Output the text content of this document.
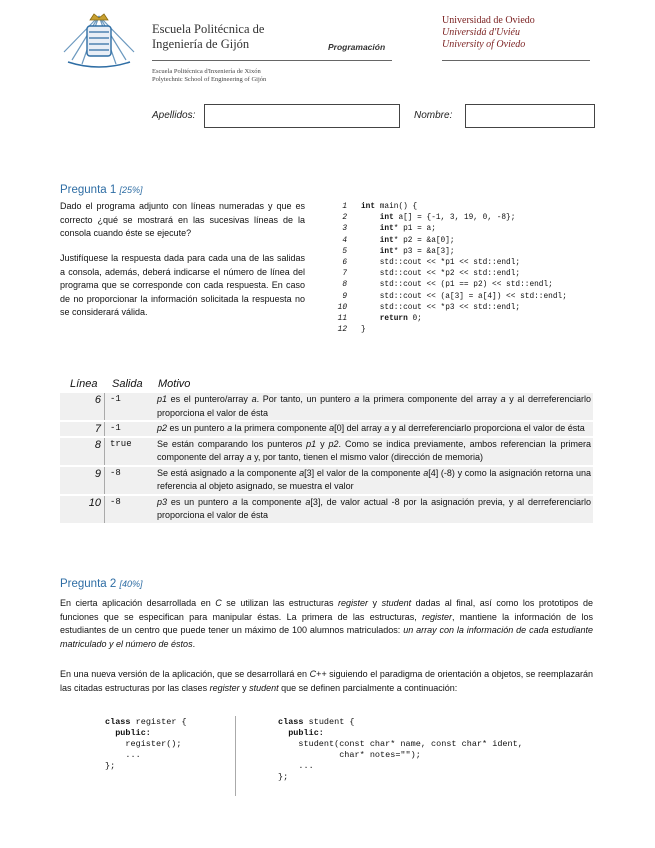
Escuela Politécnica de
Ingeniería de Gijón	Programación
Universidad de Oviedo
Universidá d'Uviéu
University of Oviedo
Escuela Politécnica d'Inxeniería de Xixón
Polytechnic School of Engineering of Gijón
Apellidos:	Nombre:
Pregunta 1 [25%]
Dado el programa adjunto con líneas numeradas y que es correcto ¿qué se mostrará en las sucesivas líneas de la consola cuando éste se ejecute?
Justifíquese la respuesta dada para cada una de las salidas a consola, además, deberá indicarse el número de línea del programa que se corresponde con cada respuesta. En caso de no proporcionar la información solicitada la respuesta no se considerará válida.
1 int main() {
2	int a[] = {-1, 3, 19, 0, -8};
3	int* p1 = a;
4	int* p2 = &a[0];
5	int* p3 = &a[3];
6    std::cout << *p1 << std::endl;
7    std::cout << *p2 << std::endl;
8    std::cout << (p1 == p2) << std::endl;
9    std::cout << (a[3] = a[4]) << std::endl;
10    std::cout << *p3 << std::endl;
11	return 0;
12 }
Línea Salida Motivo
6 -1	p1 es el puntero/array a. Por tanto, un puntero a la primera componente del array a y al derreferenciarlo proporciona el valor de ésta
7 -1	p2 es un puntero a la primera componente a[0] del array a y al derreferenciarlo proporciona el valor de ésta
8 true	Se están comparando los punteros p1 y p2. Como se indica previamente, ambos referencian la primera componente del array a y, por tanto, tienen el mismo valor (dirección de memoria)
9 -8	Se está asignado a la componente a[3] el valor de la componente a[4] (-8) y como la asignación retorna una referencia al objeto asignado, se muestra el valor
10 -8	p3 es un puntero a la componente a[3], de valor actual -8 por la asignación previa, y al derreferenciarlo proporciona el valor de ésta
Pregunta 2 [40%]
En cierta aplicación desarrollada en C se utilizan las estructuras register y student dadas al final, así como los prototipos de funciones que se especifican para manipular éstas. La primera de las estructuras, register, mantiene la información de los estudiantes de un centro que puede tener un máximo de 100 alumnos matriculados: un array con la información de cada estudiante matriculado y el número de éstos.
En una nueva versión de la aplicación, que se desarrollará en C++ siguiendo el paradigma de orientación a objetos, se reemplazarán las citadas estructuras por las clases register y student que se definen parcialmente a continuación:
class register {
public:
register();
...
};
class student {
public:
student(const char* name, const char* ident,
char* notes="");
...
};
